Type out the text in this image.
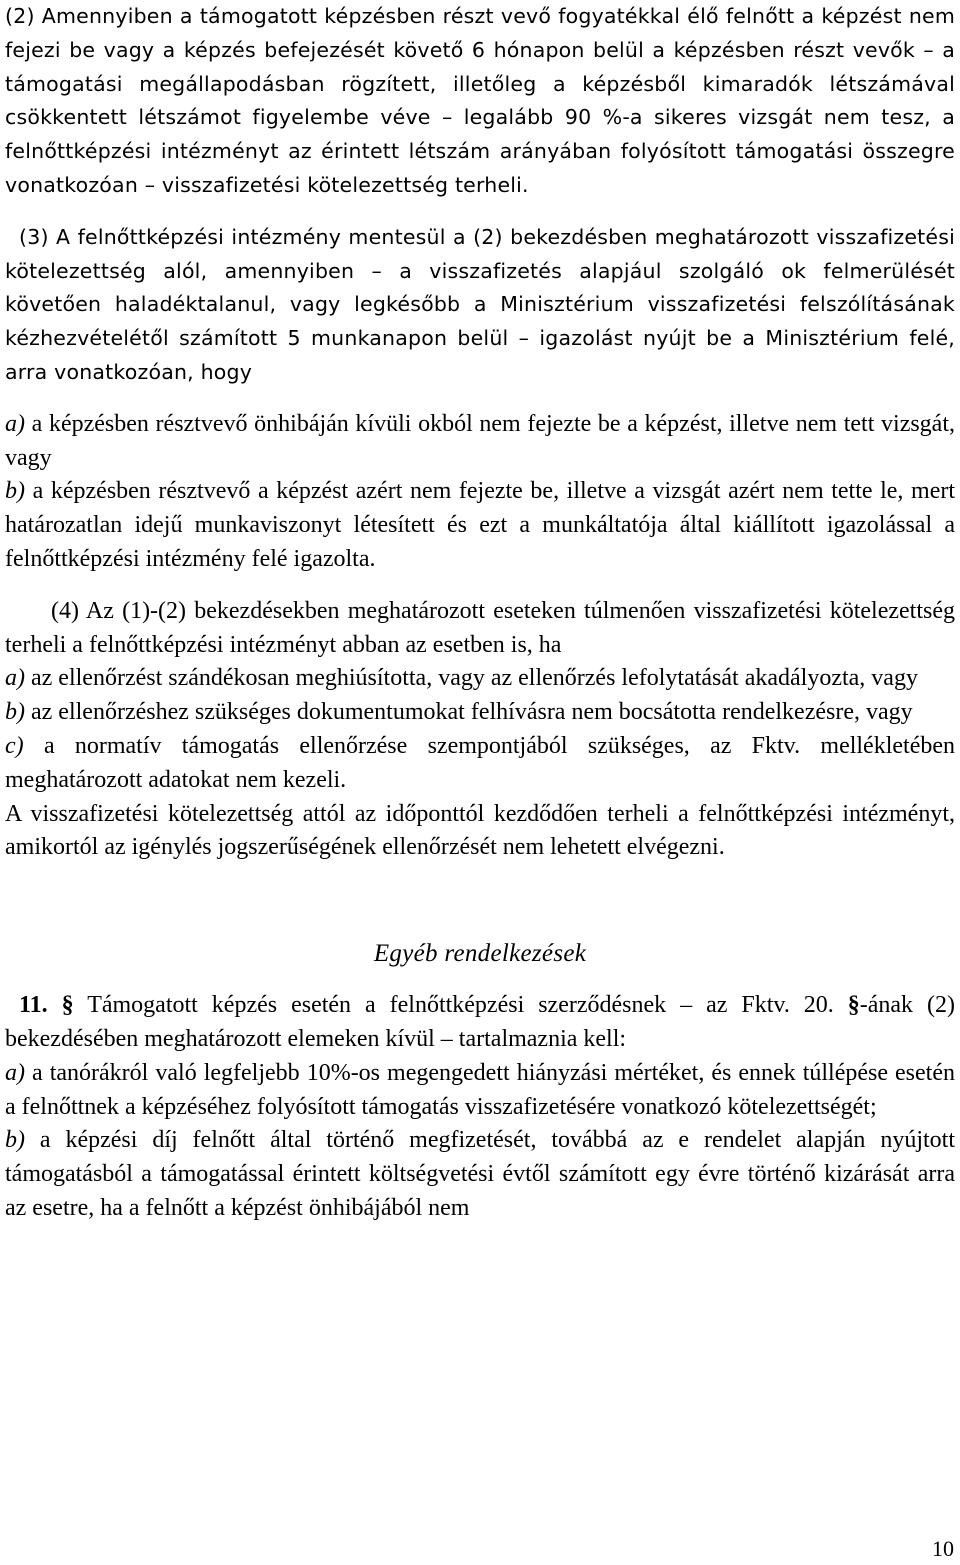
(2) Amennyiben a támogatott képzésben részt vevő fogyatékkal élő felnőtt a képzést nem fejezi be vagy a képzés befejezését követő 6 hónapon belül a képzésben részt vevők – a támogatási megállapodásban rögzített, illetőleg a képzésből kimaradók létszámával csökkentett létszámot figyelembe véve – legalább 90 %-a sikeres vizsgát nem tesz, a felnőttképzési intézményt az érintett létszám arányában folyósított támogatási összegre vonatkozóan – visszafizetési kötelezettség terheli.

(3) A felnőttképzési intézmény mentesül a (2) bekezdésben meghatározott visszafizetési kötelezettség alól, amennyiben – a visszafizetés alapjául szolgáló ok felmerülését követően haladéktalanul, vagy legkésőbb a Minisztérium visszafizetési felszólításának kézhezvételétől számított 5 munkanapon belül – igazolást nyújt be a Minisztérium felé, arra vonatkozóan, hogy

a) a képzésben résztvevő önhibáján kívüli okból nem fejezte be a képzést, illetve nem tett vizsgát, vagy

b) a képzésben résztvevő a képzést azért nem fejezte be, illetve a vizsgát azért nem tette le, mert határozatlan idejű munkaviszonyt létesített és ezt a munkáltatója által kiállított igazolással a felnőttképzési intézmény felé igazolta.

(4) Az (1)-(2) bekezdésekben meghatározott eseteken túlmenően visszafizetési kötelezettség terheli a felnőttképzési intézményt abban az esetben is, ha

a) az ellenőrzést szándékosan meghiúsította, vagy az ellenőrzés lefolytatását akadályozta, vagy

b) az ellenőrzéshez szükséges dokumentumokat felhívásra nem bocsátotta rendelkezésre, vagy

c) a normatív támogatás ellenőrzése szempontjából szükséges, az Fktv. mellékletében meghatározott adatokat nem kezeli.

A visszafizetési kötelezettség attól az időponttól kezdődően terheli a felnőttképzési intézményt, amikortól az igénylés jogszerűségének ellenőrzését nem lehetett elvégezni.

Egyéb rendelkezések

11. § Támogatott képzés esetén a felnőttképzési szerződésnek – az Fktv. 20. §-ának (2) bekezdésében meghatározott elemeken kívül – tartalmaznia kell:

a) a tanórákról való legfeljebb 10%-os megengedett hiányzási mértéket, és ennek túllépése esetén a felnőttnek a képzéséhez folyósított támogatás visszafizetésére vonatkozó kötelezettségét;

b) a képzési díj felnőtt által történő megfizetését, továbbá az e rendelet alapján nyújtott támogatásból a támogatással érintett költségvetési évtől számított egy évre történő kizárását arra az esetre, ha a felnőtt a képzést önhibájából nem

10
